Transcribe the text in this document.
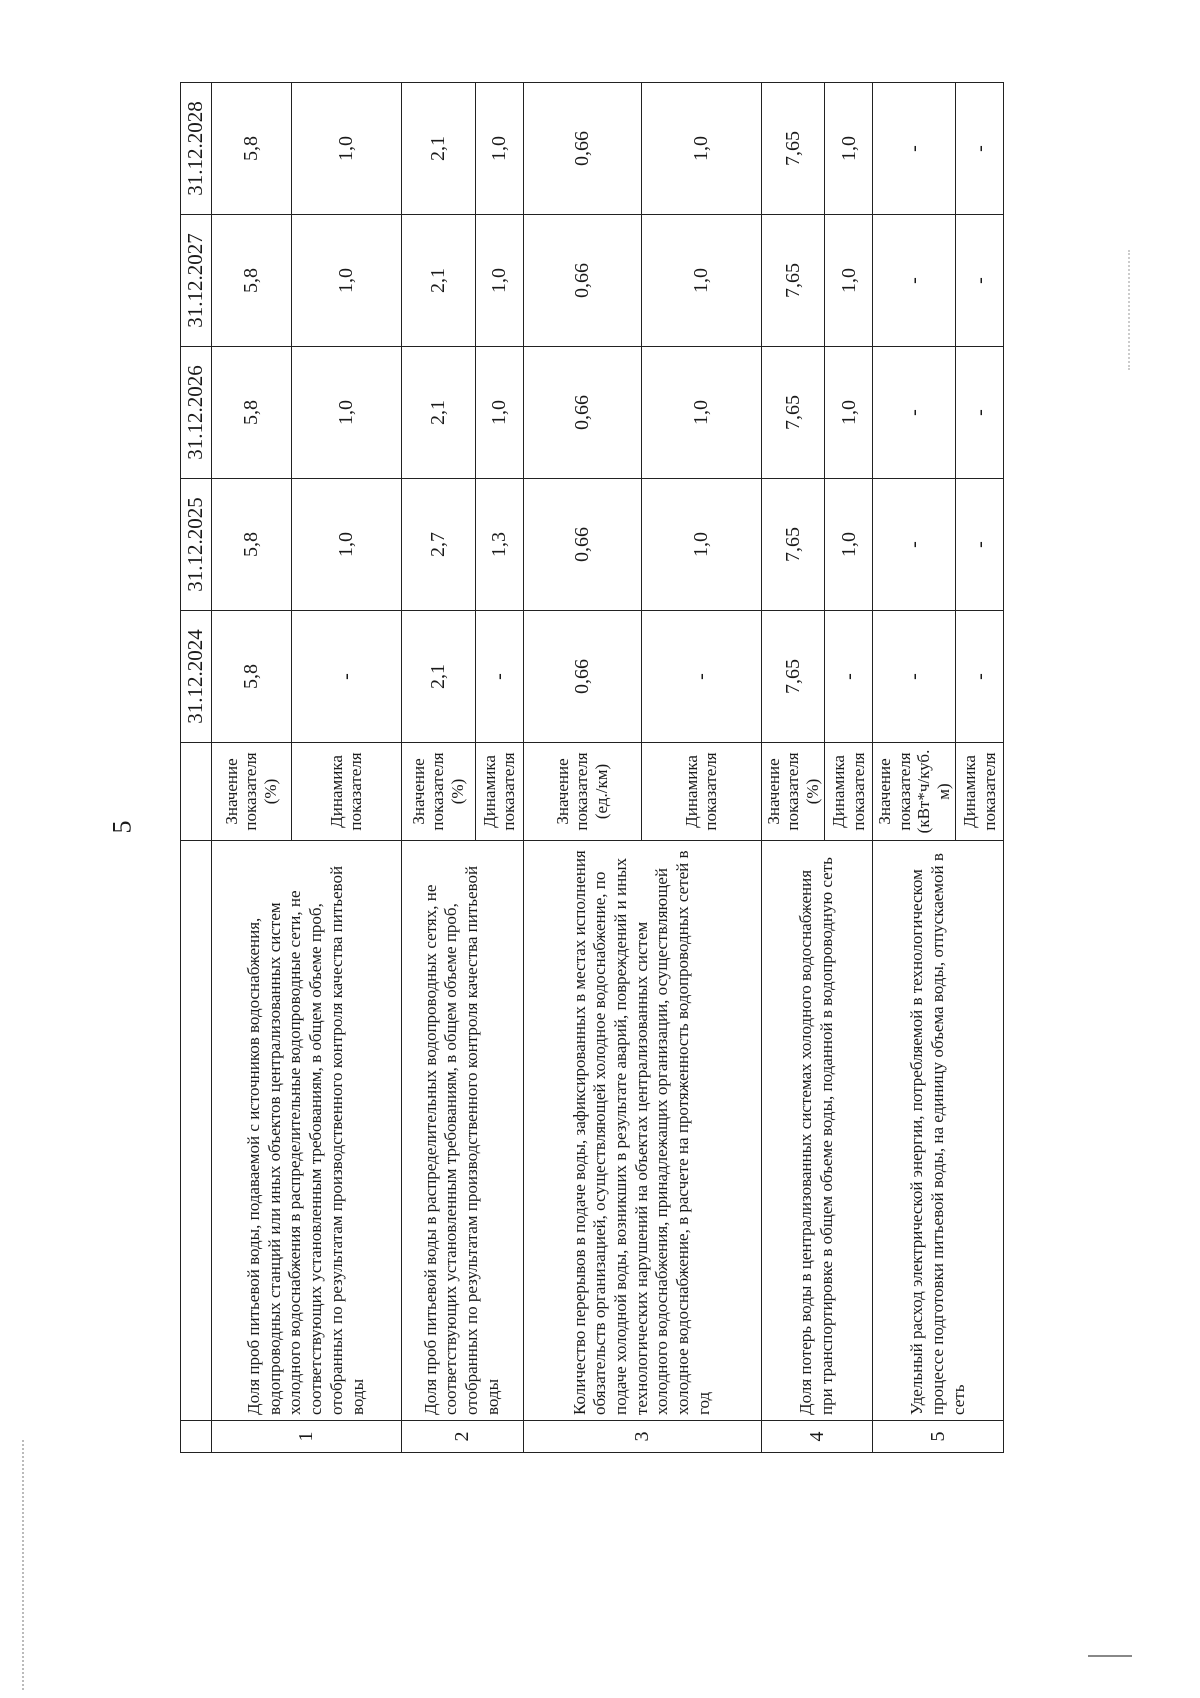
5
			31.12.2024	31.12.2025	31.12.2026	31.12.2027	31.12.2028
1	Доля проб питьевой воды, подаваемой с источников водоснабжения, водопроводных станций или иных объектов централизованных систем холодного водоснабжения в распределительные водопроводные сети, не соответствующих установленным требованиям, в общем объеме проб, отобранных по результатам производственного контроля качества питьевой воды	Значение показателя (%)	5,8	5,8	5,8	5,8	5,8
		Динамика показателя	-	1,0	1,0	1,0	1,0
2	Доля проб питьевой воды в распределительных водопроводных сетях, не соответствующих установленным требованиям, в общем объеме проб, отобранных по результатам производственного контроля качества питьевой воды	Значение показателя (%)	2,1	2,7	2,1	2,1	2,1
		Динамика показателя	-	1,3	1,0	1,0	1,0
3	Количество перерывов в подаче воды, зафиксированных в местах исполнения обязательств организацией, осуществляющей холодное водоснабжение, по подаче холодной воды, возникших в результате аварий, повреждений и иных технологических нарушений на объектах централизованных систем холодного водоснабжения, принадлежащих организации, осуществляющей холодное водоснабжение, в расчете на протяженность водопроводных сетей в год	Значение показателя (ед./км)	0,66	0,66	0,66	0,66	0,66
		Динамика показателя	-	1,0	1,0	1,0	1,0
4	Доля потерь воды в централизованных системах холодного водоснабжения при транспортировке в общем объеме воды, поданной в водопроводную сеть	Значение показателя (%)	7,65	7,65	7,65	7,65	7,65
		Динамика показателя	-	1,0	1,0	1,0	1,0
5	Удельный расход электрической энергии, потребляемой в технологическом процессе подготовки питьевой воды, на единицу объема воды, отпускаемой в сеть	Значение показателя (кВт*ч/куб. м)	-	-	-	-	-
		Динамика показателя	-	-	-	-	-
